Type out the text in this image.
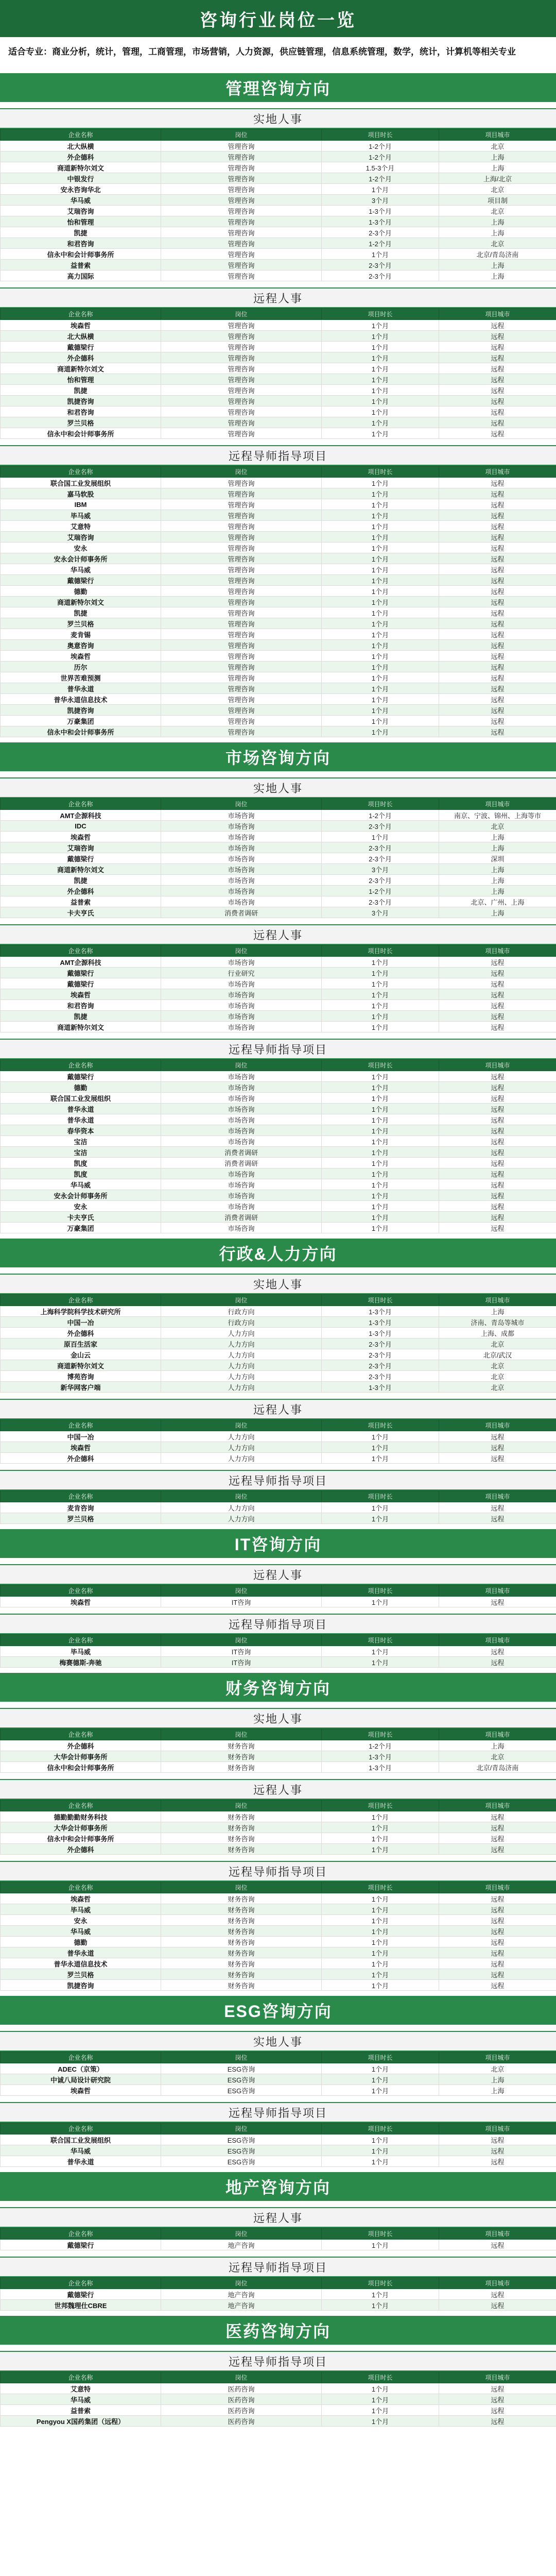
咨询行业岗位一览
适合专业：商业分析，统计，管理，工商管理，市场营销，人力资源，供应链管理，信息系统管理，数学，统计，计算机等相关专业
管理咨询方向
实地人事
企业名称	岗位	项目时长	项目城市
北大纵横	管理咨询	1-2个月	北京
外企德科	管理咨询	1-2个月	上海
商道新特尔刘文	管理咨询	1.5-3个月	上海
中银发行	管理咨询	1-2个月	上海/北京
安永咨询华北	管理咨询	1个月	北京
华马威	管理咨询	3个月	项目制
艾瑞咨询	管理咨询	1-3个月	北京
怡和管理	管理咨询	1-3个月	上海
凯捷	管理咨询	2-3个月	上海
和君咨询	管理咨询	1-2个月	北京
信永中和会计师事务所	管理咨询	1个月	北京/青岛济南
益普索	管理咨询	2-3个月	上海
高力国际	管理咨询	2-3个月	上海
远程人事
企业名称	岗位	项目时长	项目城市
埃森哲	管理咨询	1个月	远程
北大纵横	管理咨询	1个月	远程
戴德梁行	管理咨询	1个月	远程
外企德科	管理咨询	1个月	远程
商道新特尔刘文	管理咨询	1个月	远程
怡和管理	管理咨询	1个月	远程
凯捷	管理咨询	1个月	远程
凯捷咨询	管理咨询	1个月	远程
和君咨询	管理咨询	1个月	远程
罗兰贝格	管理咨询	1个月	远程
信永中和会计师事务所	管理咨询	1个月	远程
远程导师指导项目
企业名称	岗位	项目时长	项目城市
联合国工业发展组织	管理咨询	1个月	远程
嘉马软股	管理咨询	1个月	远程
IBM	管理咨询	1个月	远程
毕马威	管理咨询	1个月	远程
艾意特	管理咨询	1个月	远程
艾瑞咨询	管理咨询	1个月	远程
安永	管理咨询	1个月	远程
安永会计师事务所	管理咨询	1个月	远程
华马威	管理咨询	1个月	远程
戴德梁行	管理咨询	1个月	远程
德勤	管理咨询	1个月	远程
商道新特尔刘文	管理咨询	1个月	远程
凯捷	管理咨询	1个月	远程
罗兰贝格	管理咨询	1个月	远程
麦肯锡	管理咨询	1个月	远程
奥意咨询	管理咨询	1个月	远程
埃森哲	管理咨询	1个月	远程
历尔	管理咨询	1个月	远程
世界苦难预测	管理咨询	1个月	远程
普华永道	管理咨询	1个月	远程
普华永道信息技术	管理咨询	1个月	远程
凯捷咨询	管理咨询	1个月	远程
万豪集团	管理咨询	1个月	远程
信永中和会计师事务所	管理咨询	1个月	远程
市场咨询方向
实地人事
企业名称	岗位	项目时长	项目城市
AMT企源科技	市场咨询	1-2个月	南京、宁波、锦州、上海等市
IDC	市场咨询	2-3个月	北京
埃森哲	市场咨询	1个月	上海
艾瑞咨询	市场咨询	2-3个月	上海
戴德梁行	市场咨询	2-3个月	深圳
商道新特尔刘文	市场咨询	3个月	上海
凯捷	市场咨询	2-3个月	上海
外企德科	市场咨询	1-2个月	上海
益普索	市场咨询	2-3个月	北京、广州、上海
卡夫亨氏	消费者调研	3个月	上海
远程人事
企业名称	岗位	项目时长	项目城市
AMT企源科技	市场咨询	1个月	远程
戴德梁行	行业研究	1个月	远程
戴德梁行	市场咨询	1个月	远程
埃森哲	市场咨询	1个月	远程
和君咨询	市场咨询	1个月	远程
凯捷	市场咨询	1个月	远程
商道新特尔刘文	市场咨询	1个月	远程
远程导师指导项目
企业名称	岗位	项目时长	项目城市
戴德梁行	市场咨询	1个月	远程
德勤	市场咨询	1个月	远程
联合国工业发展组织	市场咨询	1个月	远程
普华永道	市场咨询	1个月	远程
普华永道	市场咨询	1个月	远程
春华资本	市场咨询	1个月	远程
宝洁	市场咨询	1个月	远程
宝洁	消费者调研	1个月	远程
凯度	消费者调研	1个月	远程
凯度	市场咨询	1个月	远程
华马威	市场咨询	1个月	远程
安永会计师事务所	市场咨询	1个月	远程
安永	市场咨询	1个月	远程
卡夫亨氏	消费者调研	1个月	远程
万豪集团	市场咨询	1个月	远程
行政&人力方向
实地人事
企业名称	岗位	项目时长	项目城市
上海科学院科学技术研究所	行政方向	1-3个月	上海
中国一冶	行政方向	1-3个月	济南、青岛等城市
外企德科	人力方向	1-3个月	上海、成都
原百生活家	人力方向	2-3个月	北京
金山云	人力方向	2-3个月	北京/武汉
商道新特尔刘文	人力方向	2-3个月	北京
博苑咨询	人力方向	2-3个月	北京
新华网客户端	人力方向	1-3个月	北京
远程人事
企业名称	岗位	项目时长	项目城市
中国一冶	人力方向	1个月	远程
埃森哲	人力方向	1个月	远程
外企德科	人力方向	1个月	远程
远程导师指导项目
企业名称	岗位	项目时长	项目城市
麦肯咨询	人力方向	1个月	远程
罗兰贝格	人力方向	1个月	远程
IT咨询方向
远程人事
企业名称	岗位	项目时长	项目城市
埃森哲	IT咨询	1个月	远程
远程导师指导项目
企业名称	岗位	项目时长	项目城市
毕马威	IT咨询	1个月	远程
梅赛德斯-奔驰	IT咨询	1个月	远程
财务咨询方向
实地人事
企业名称	岗位	项目时长	项目城市
外企德科	财务咨询	1-2个月	上海
大华会计师事务所	财务咨询	1-3个月	北京
信永中和会计师事务所	财务咨询	1-3个月	北京/青岛济南
远程人事
企业名称	岗位	项目时长	项目城市
德勤勤勤财务科技	财务咨询	1个月	远程
大华会计师事务所	财务咨询	1个月	远程
信永中和会计师事务所	财务咨询	1个月	远程
外企德科	财务咨询	1个月	远程
远程导师指导项目
企业名称	岗位	项目时长	项目城市
埃森哲	财务咨询	1个月	远程
毕马威	财务咨询	1个月	远程
安永	财务咨询	1个月	远程
华马威	财务咨询	1个月	远程
德勤	财务咨询	1个月	远程
普华永道	财务咨询	1个月	远程
普华永道信息技术	财务咨询	1个月	远程
罗兰贝格	财务咨询	1个月	远程
凯捷咨询	财务咨询	1个月	远程
ESG咨询方向
实地人事
企业名称	岗位	项目时长	项目城市
ADEC（京策）	ESG咨询	1个月	北京
中诚八局设计研究院	ESG咨询	1个月	上海
埃森哲	ESG咨询	1个月	上海
远程导师指导项目
企业名称	岗位	项目时长	项目城市
联合国工业发展组织	ESG咨询	1个月	远程
华马威	ESG咨询	1个月	远程
普华永道	ESG咨询	1个月	远程
地产咨询方向
远程人事
企业名称	岗位	项目时长	项目城市
戴德梁行	地产咨询	1个月	远程
远程导师指导项目
企业名称	岗位	项目时长	项目城市
戴德梁行	地产咨询	1个月	远程
世邦魏理仕CBRE	地产咨询	1个月	远程
医药咨询方向
远程导师指导项目
企业名称	岗位	项目时长	项目城市
艾意特	医药咨询	1个月	远程
华马威	医药咨询	1个月	远程
益普索	医药咨询	1个月	远程
Pengyou X国药集团（远程）	医药咨询	1个月	远程
